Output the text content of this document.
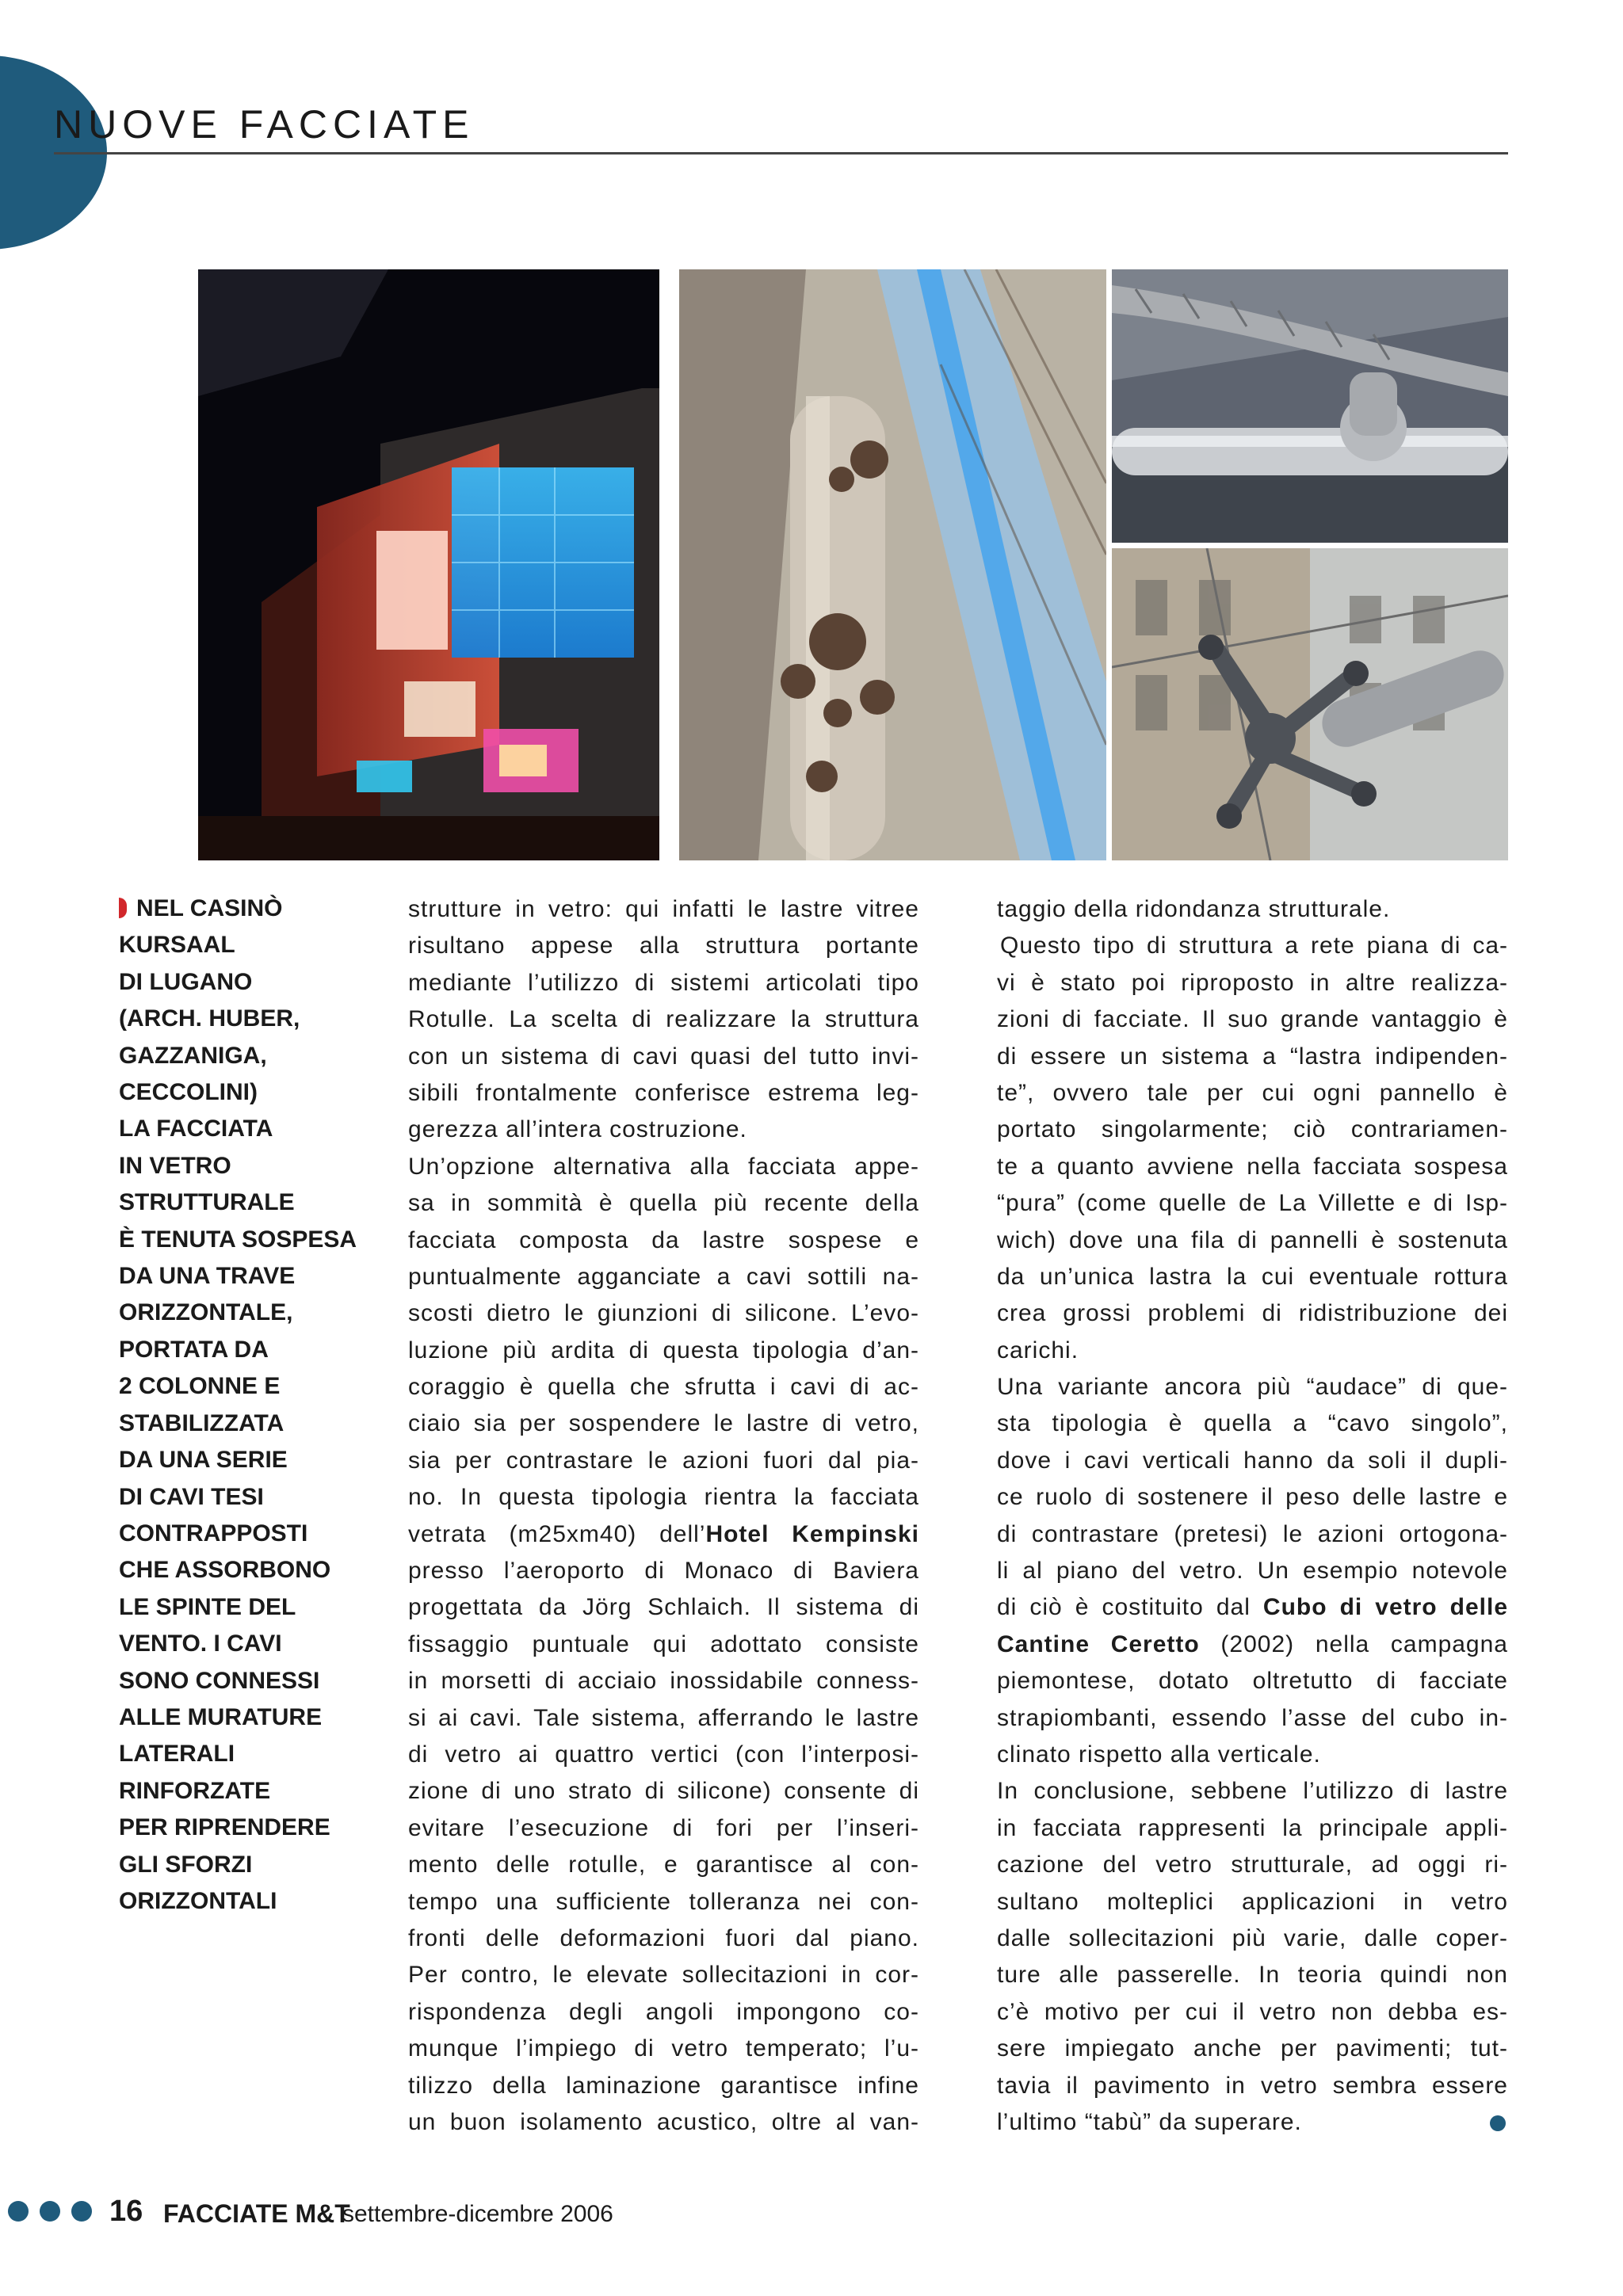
NUOVE FACCIATE
NEL CASINÒ
KURSAAL
DI LUGANO
(ARCH. HUBER,
GAZZANIGA,
CECCOLINI)
LA FACCIATA
IN VETRO
STRUTTURALE
È TENUTA SOSPESA
DA UNA TRAVE
ORIZZONTALE,
PORTATA DA
2 COLONNE E
STABILIZZATA
DA UNA SERIE
DI CAVI TESI
CONTRAPPOSTI
CHE ASSORBONO
LE SPINTE DEL
VENTO. I CAVI
SONO CONNESSI
ALLE MURATURE
LATERALI
RINFORZATE
PER RIPRENDERE
GLI SFORZI
ORIZZONTALI
strutture in vetro: qui infatti le lastre vitree
risultano appese alla struttura portante
mediante l’utilizzo di sistemi articolati tipo
Rotulle. La scelta di realizzare la struttura
con un sistema di cavi quasi del tutto invi-
sibili frontalmente conferisce estrema leg-
gerezza all’intera costruzione.
Un’opzione alternativa alla facciata appe-
sa in sommità è quella più recente della
facciata composta da lastre sospese e
puntualmente agganciate a cavi sottili na-
scosti dietro le giunzioni di silicone. L’evo-
luzione più ardita di questa tipologia d’an-
coraggio è quella che sfrutta i cavi di ac-
ciaio sia per sospendere le lastre di vetro,
sia per contrastare le azioni fuori dal pia-
no. In questa tipologia rientra la facciata
vetrata (m25xm40) dell’Hotel Kempinski
presso l’aeroporto di Monaco di Baviera
progettata da Jörg Schlaich. Il sistema di
fissaggio puntuale qui adottato consiste
in morsetti di acciaio inossidabile conness-
si ai cavi. Tale sistema, afferrando le lastre
di vetro ai quattro vertici (con l’interposi-
zione di uno strato di silicone) consente di
evitare l’esecuzione di fori per l’inseri-
mento delle rotulle, e garantisce al con-
tempo una sufficiente tolleranza nei con-
fronti delle deformazioni fuori dal piano.
Per contro, le elevate sollecitazioni in cor-
rispondenza degli angoli impongono co-
munque l’impiego di vetro temperato; l’u-
tilizzo della laminazione garantisce infine
un buon isolamento acustico, oltre al van-
taggio della ridondanza strutturale.
Questo tipo di struttura a rete piana di ca-
vi è stato poi riproposto in altre realizza-
zioni di facciate. Il suo grande vantaggio è
di essere un sistema a “lastra indipenden-
te”, ovvero tale per cui ogni pannello è
portato singolarmente; ciò contrariamen-
te a quanto avviene nella facciata sospesa
“pura” (come quelle de La Villette e di Isp-
wich) dove una fila di pannelli è sostenuta
da un’unica lastra la cui eventuale rottura
crea grossi problemi di ridistribuzione dei
carichi.
Una variante ancora più “audace” di que-
sta tipologia è quella a “cavo singolo”,
dove i cavi verticali hanno da soli il dupli-
ce ruolo di sostenere il peso delle lastre e
di contrastare (pretesi) le azioni ortogona-
li al piano del vetro. Un esempio notevole
di ciò è costituito dal Cubo di vetro delle
Cantine Ceretto (2002) nella campagna
piemontese, dotato oltretutto di facciate
strapiombanti, essendo l’asse del cubo in-
clinato rispetto alla verticale.
In conclusione, sebbene l’utilizzo di lastre
in facciata rappresenti la principale appli-
cazione del vetro strutturale, ad oggi ri-
sultano molteplici applicazioni in vetro
dalle sollecitazioni più varie, dalle coper-
ture alle passerelle. In teoria quindi non
c’è motivo per cui il vetro non debba es-
sere impiegato anche per pavimenti; tut-
tavia il pavimento in vetro sembra essere
l’ultimo “tabù” da superare.
16 FACCIATE M&T
settembre-dicembre 2006
